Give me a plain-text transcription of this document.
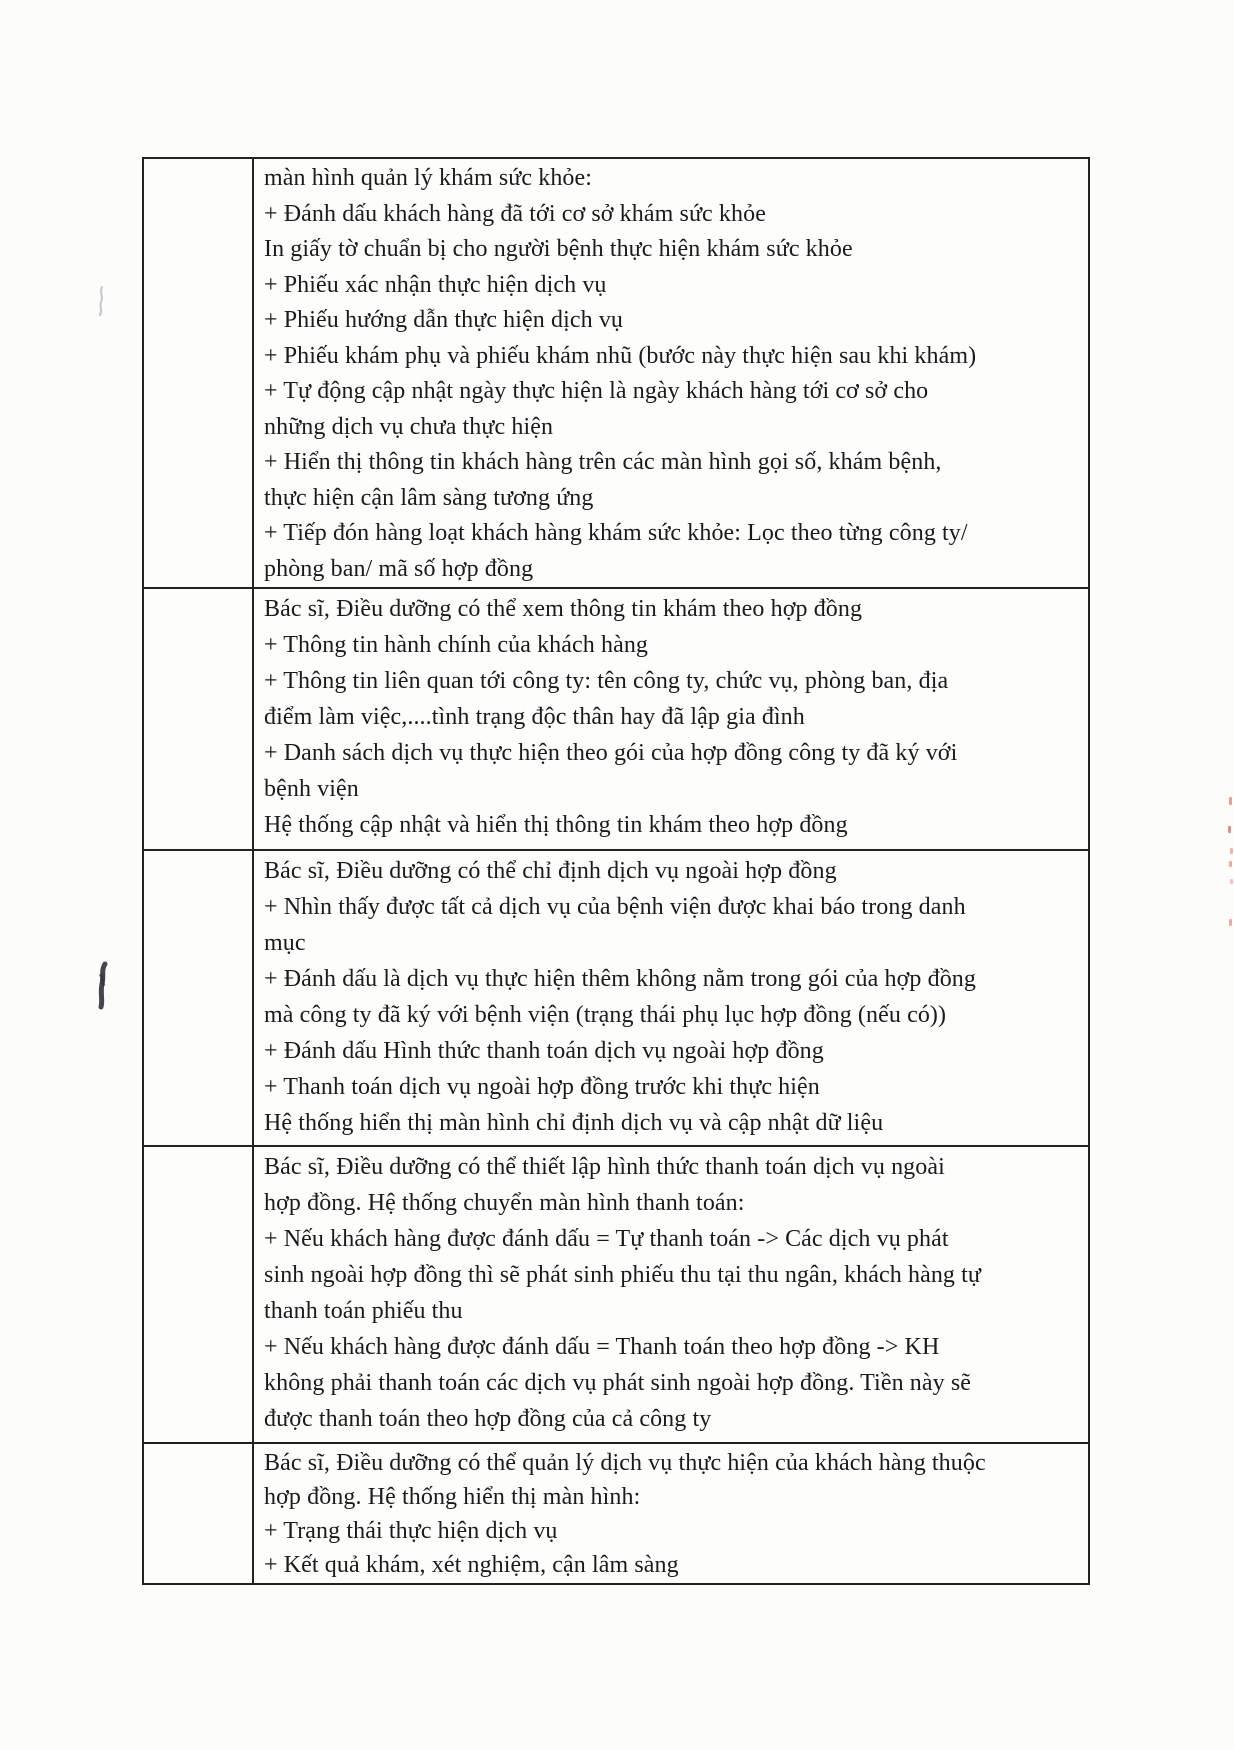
màn hình quản lý khám sức khỏe:
+ Đánh dấu khách hàng đã tới cơ sở khám sức khỏe
In giấy tờ chuẩn bị cho người bệnh thực hiện khám sức khỏe
+ Phiếu xác nhận thực hiện dịch vụ
+ Phiếu hướng dẫn thực hiện dịch vụ
+ Phiếu khám phụ và phiếu khám nhũ (bước này thực hiện sau khi khám)
+ Tự động cập nhật ngày thực hiện là ngày khách hàng tới cơ sở cho
những dịch vụ chưa thực hiện
+ Hiển thị thông tin khách hàng trên các màn hình gọi số, khám bệnh,
thực hiện cận lâm sàng tương ứng
+ Tiếp đón hàng loạt khách hàng khám sức khỏe: Lọc theo từng công ty/
phòng ban/ mã số hợp đồng
Bác sĩ, Điều dưỡng có thể xem thông tin khám theo hợp đồng
+ Thông tin hành chính của khách hàng
+ Thông tin liên quan tới công ty: tên công ty, chức vụ, phòng ban, địa
điểm làm việc,....tình trạng độc thân hay đã lập gia đình
+ Danh sách dịch vụ thực hiện theo gói của hợp đồng công ty đã ký với
bệnh viện
Hệ thống cập nhật và hiển thị thông tin khám theo hợp đồng
Bác sĩ, Điều dưỡng có thể chỉ định dịch vụ ngoài hợp đồng
+ Nhìn thấy được tất cả dịch vụ của bệnh viện được khai báo trong danh
mục
+ Đánh dấu là dịch vụ thực hiện thêm không nằm trong gói của hợp đồng
mà công ty đã ký với bệnh viện (trạng thái phụ lục hợp đồng (nếu có))
+ Đánh dấu Hình thức thanh toán dịch vụ ngoài hợp đồng
+ Thanh toán dịch vụ ngoài hợp đồng trước khi thực hiện
Hệ thống hiển thị màn hình chỉ định dịch vụ và cập nhật dữ liệu
Bác sĩ, Điều dưỡng có thể thiết lập hình thức thanh toán dịch vụ ngoài
hợp đồng. Hệ thống chuyển màn hình thanh toán:
+ Nếu khách hàng được đánh dấu = Tự thanh toán -> Các dịch vụ phát
sinh ngoài hợp đồng thì sẽ phát sinh phiếu thu tại thu ngân, khách hàng tự
thanh toán phiếu thu
+ Nếu khách hàng được đánh dấu = Thanh toán theo hợp đồng -> KH
không phải thanh toán các dịch vụ phát sinh ngoài hợp đồng. Tiền này sẽ
được thanh toán theo hợp đồng của cả công ty
Bác sĩ, Điều dưỡng có thể quản lý dịch vụ thực hiện của khách hàng thuộc
hợp đồng. Hệ thống hiển thị màn hình:
+ Trạng thái thực hiện dịch vụ
+ Kết quả khám, xét nghiệm, cận lâm sàng
